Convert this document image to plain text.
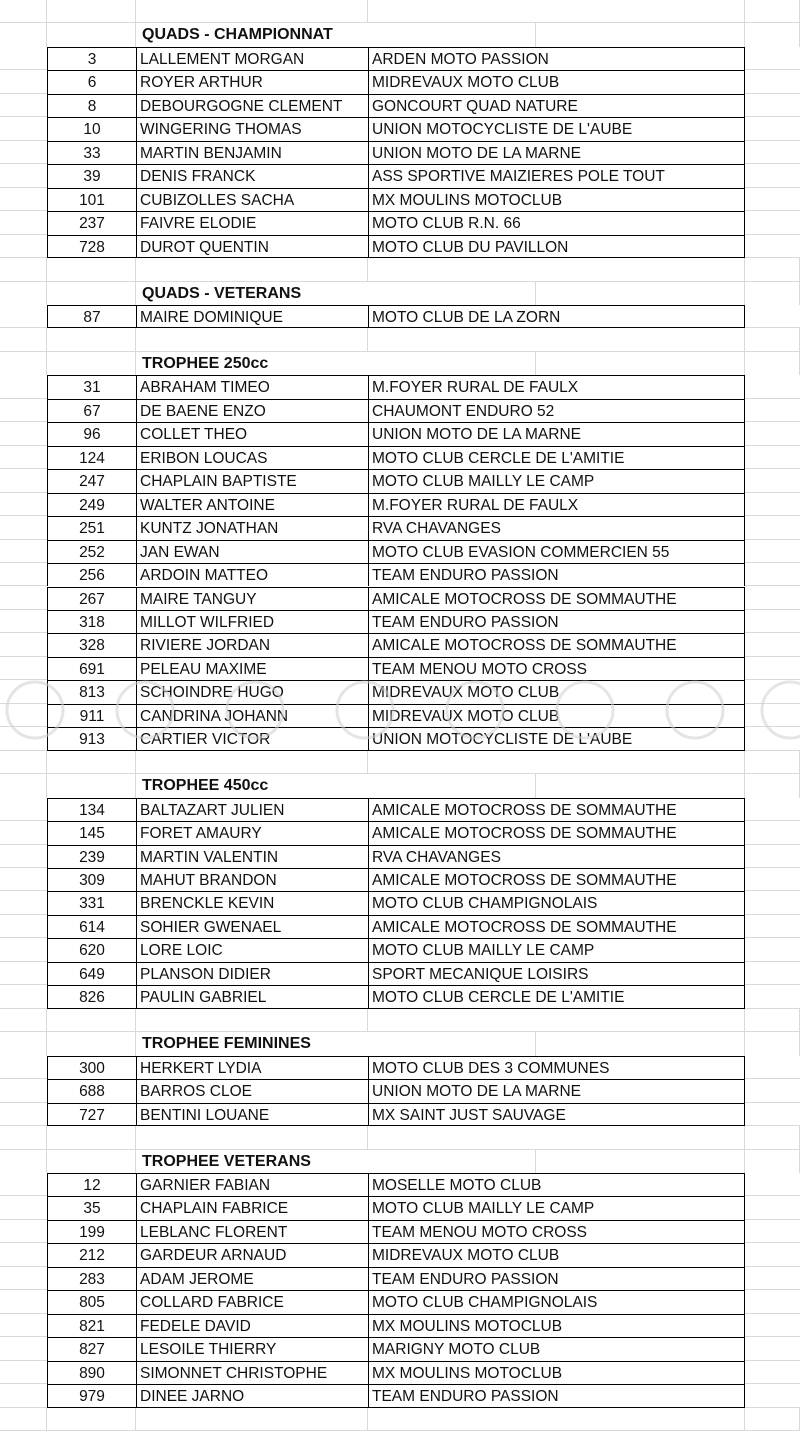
QUADS - CHAMPIONNAT
3	LALLEMENT MORGAN	ARDEN MOTO PASSION
6	ROYER ARTHUR	MIDREVAUX MOTO CLUB
8	DEBOURGOGNE CLEMENT	GONCOURT QUAD NATURE
10	WINGERING THOMAS	UNION MOTOCYCLISTE DE L'AUBE
33	MARTIN BENJAMIN	UNION MOTO DE LA MARNE
39	DENIS FRANCK	ASS SPORTIVE MAIZIERES POLE TOUT
101	CUBIZOLLES SACHA	MX MOULINS MOTOCLUB
237	FAIVRE ELODIE	MOTO CLUB R.N. 66
728	DUROT QUENTIN	MOTO CLUB DU PAVILLON
QUADS - VETERANS
87	MAIRE DOMINIQUE	MOTO CLUB DE LA ZORN
TROPHEE 250cc
31	ABRAHAM TIMEO	M.FOYER RURAL DE FAULX
67	DE BAENE ENZO	CHAUMONT ENDURO 52
96	COLLET THEO	UNION MOTO DE LA MARNE
124	ERIBON LOUCAS	MOTO CLUB CERCLE DE L'AMITIE
247	CHAPLAIN BAPTISTE	MOTO CLUB MAILLY LE CAMP
249	WALTER ANTOINE	M.FOYER RURAL DE FAULX
251	KUNTZ JONATHAN	RVA CHAVANGES
252	JAN EWAN	MOTO CLUB EVASION COMMERCIEN 55
256	ARDOIN MATTEO	TEAM ENDURO PASSION
267	MAIRE TANGUY	AMICALE MOTOCROSS DE SOMMAUTHE
318	MILLOT WILFRIED	TEAM ENDURO PASSION
328	RIVIERE JORDAN	AMICALE MOTOCROSS DE SOMMAUTHE
691	PELEAU MAXIME	TEAM MENOU MOTO CROSS
813	SCHOINDRE HUGO	MIDREVAUX MOTO CLUB
911	CANDRINA JOHANN	MIDREVAUX MOTO CLUB
913	CARTIER VICTOR	UNION MOTOCYCLISTE DE L'AUBE
TROPHEE 450cc
134	BALTAZART JULIEN	AMICALE MOTOCROSS DE SOMMAUTHE
145	FORET AMAURY	AMICALE MOTOCROSS DE SOMMAUTHE
239	MARTIN VALENTIN	RVA CHAVANGES
309	MAHUT BRANDON	AMICALE MOTOCROSS DE SOMMAUTHE
331	BRENCKLE KEVIN	MOTO CLUB CHAMPIGNOLAIS
614	SOHIER GWENAEL	AMICALE MOTOCROSS DE SOMMAUTHE
620	LORE LOIC	MOTO CLUB MAILLY LE CAMP
649	PLANSON DIDIER	SPORT MECANIQUE LOISIRS
826	PAULIN GABRIEL	MOTO CLUB CERCLE DE L'AMITIE
TROPHEE FEMININES
300	HERKERT LYDIA	MOTO CLUB DES 3 COMMUNES
688	BARROS CLOE	UNION MOTO DE LA MARNE
727	BENTINI LOUANE	MX SAINT JUST SAUVAGE
TROPHEE VETERANS
12	GARNIER FABIAN	MOSELLE MOTO CLUB
35	CHAPLAIN FABRICE	MOTO CLUB MAILLY LE CAMP
199	LEBLANC FLORENT	TEAM MENOU MOTO CROSS
212	GARDEUR ARNAUD	MIDREVAUX MOTO CLUB
283	ADAM JEROME	TEAM ENDURO PASSION
805	COLLARD FABRICE	MOTO CLUB CHAMPIGNOLAIS
821	FEDELE DAVID	MX MOULINS MOTOCLUB
827	LESOILE THIERRY	MARIGNY MOTO CLUB
890	SIMONNET CHRISTOPHE	MX MOULINS MOTOCLUB
979	DINEE JARNO	TEAM ENDURO PASSION
